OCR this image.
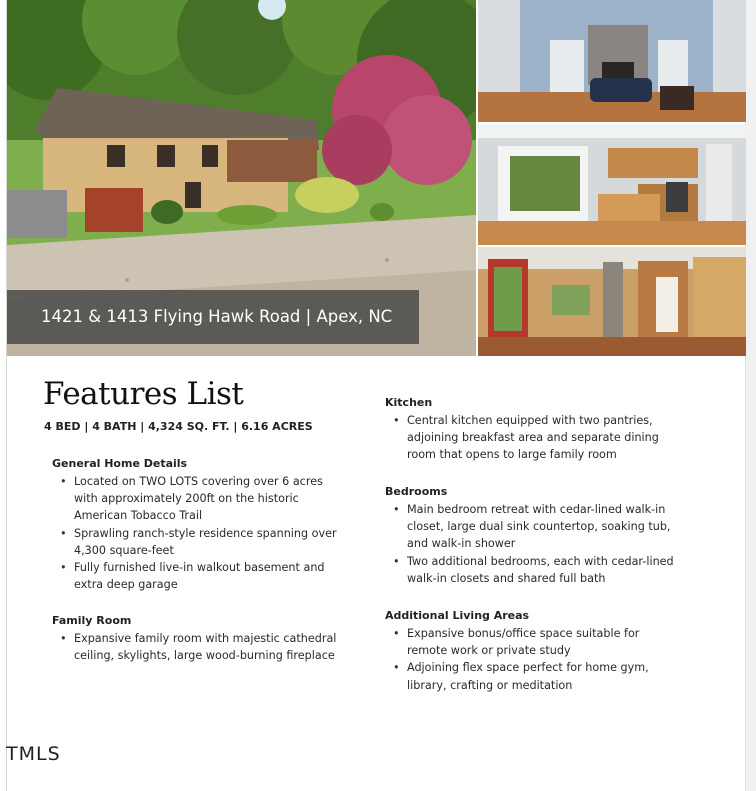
1421 & 1413 Flying Hawk Road | Apex, NC
Features List
4 BED | 4 BATH | 4,324 SQ. FT. | 6.16 ACRES
General Home Details
• Located on TWO LOTS covering over 6 acres with approximately 200ft on the historic American Tobacco Trail
• Sprawling ranch-style residence spanning over 4,300 square-feet
• Fully furnished live-in walkout basement and extra deep garage
Family Room
• Expansive family room with majestic cathedral ceiling, skylights, large wood-burning fireplace
Kitchen
• Central kitchen equipped with two pantries, adjoining breakfast area and separate dining room that opens to large family room
Bedrooms
• Main bedroom retreat with cedar-lined walk-in closet, large dual sink countertop, soaking tub, and walk-in shower
• Two additional bedrooms, each with cedar-lined walk-in closets and shared full bath
Additional Living Areas
• Expansive bonus/office space suitable for remote work or private study
• Adjoining flex space perfect for home gym, library, crafting or meditation
TMLS
